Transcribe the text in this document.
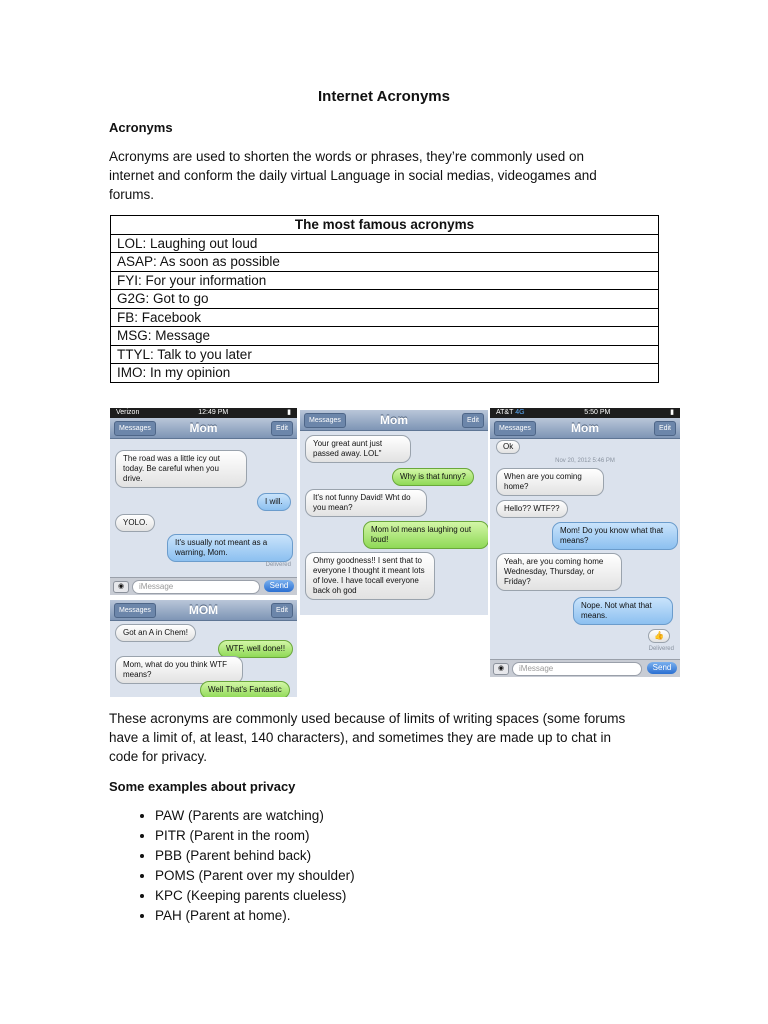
Internet Acronyms
Acronyms
Acronyms are used to shorten the words or phrases, they’re commonly used on
internet and conform the daily virtual Language in social medias, videogames and
forums.
The most famous acronyms
LOL: Laughing out loud
ASAP: As soon as possible
FYI: For your information
G2G: Got to go
FB: Facebook
MSG: Message
TTYL: Talk to you later
IMO: In my opinion
Verizon	12:49 PM	▮
Messages	Mom	Edit
The road was a little icy out today. Be careful when you drive.
I will.
YOLO.
It's usually not meant as a warning, Mom.
Delivered
◉	iMessage	Send
Messages	MOM	Edit
Got an A in Chem!
WTF, well done!!
Mom, what do you think WTF means?
Well That's Fantastic
Messages	Mom	Edit
Your great aunt just passed away. LOL"
Why is that funny?
It's not funny David! Wht do you mean?
Mom lol means laughing out loud!
Ohmy goodness!! I sent that to everyone I thought it meant lots of love. I have tocall everyone back oh god
AT&T 4G	5:50 PM	▮
Messages	Mom	Edit
Ok
Nov 20, 2012 5:46 PM
When are you coming home?
Hello?? WTF??
Mom! Do you know what that means?
Yeah, are you coming home Wednesday, Thursday, or Friday?
Nope. Not what that means.
👍
Delivered
◉	iMessage	Send
These acronyms are commonly used because of limits of writing spaces (some forums
have a limit of, at least, 140 characters), and sometimes they are made up to chat in
code for privacy.
Some examples about privacy
• PAW (Parents are watching)
• PITR (Parent in the room)
• PBB (Parent behind back)
• POMS (Parent over my shoulder)
• KPC (Keeping parents clueless)
• PAH (Parent at home).
